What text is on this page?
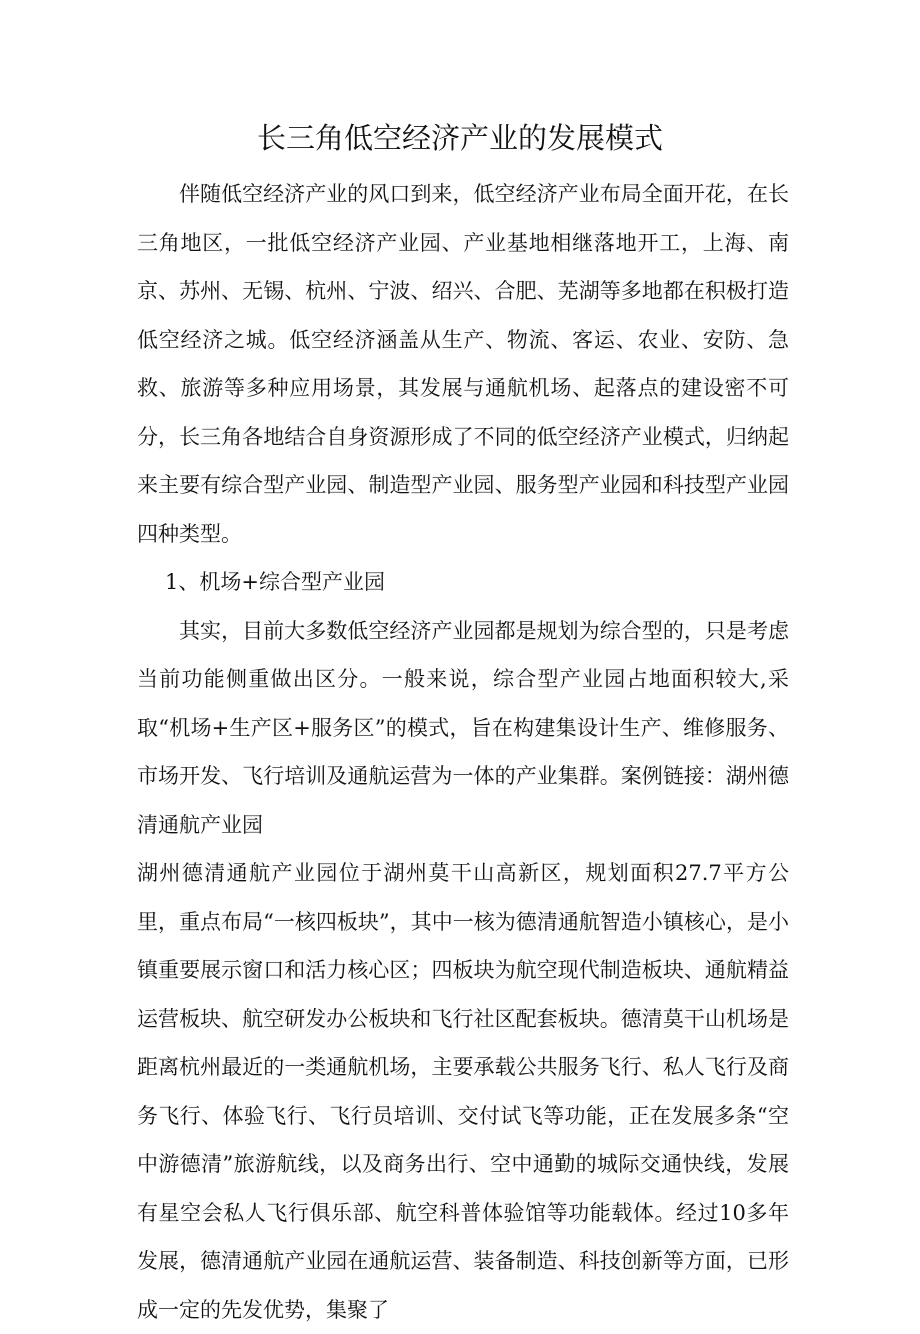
长三角低空经济产业的发展模式

伴随低空经济产业的风口到来，低空经济产业布局全面开花，在长三角地区，一批低空经济产业园、产业基地相继落地开工，上海、南京、苏州、无锡、杭州、宁波、绍兴、合肥、芜湖等多地都在积极打造低空经济之城。低空经济涵盖从生产、物流、客运、农业、安防、急救、旅游等多种应用场景，其发展与通航机场、起落点的建设密不可分，长三角各地结合自身资源形成了不同的低空经济产业模式，归纳起来主要有综合型产业园、制造型产业园、服务型产业园和科技型产业园四种类型。

1、机场+综合型产业园

其实，目前大多数低空经济产业园都是规划为综合型的，只是考虑当前功能侧重做出区分。一般来说，综合型产业园占地面积较大,采取“机场+生产区+服务区”的模式，旨在构建集设计生产、维修服务、市场开发、飞行培训及通航运营为一体的产业集群。案例链接：湖州德清通航产业园

湖州德清通航产业园位于湖州莫干山高新区，规划面积27.7平方公里，重点布局“一核四板块”，其中一核为德清通航智造小镇核心，是小镇重要展示窗口和活力核心区；四板块为航空现代制造板块、通航精益运营板块、航空研发办公板块和飞行社区配套板块。德清莫干山机场是距离杭州最近的一类通航机场，主要承载公共服务飞行、私人飞行及商务飞行、体验飞行、飞行员培训、交付试飞等功能，正在发展多条“空中游德清”旅游航线，以及商务出行、空中通勤的城际交通快线，发展有星空会私人飞行俱乐部、航空科普体验馆等功能载体。经过10多年发展，德清通航产业园在通航运营、装备制造、科技创新等方面，已形成一定的先发优势，集聚了
